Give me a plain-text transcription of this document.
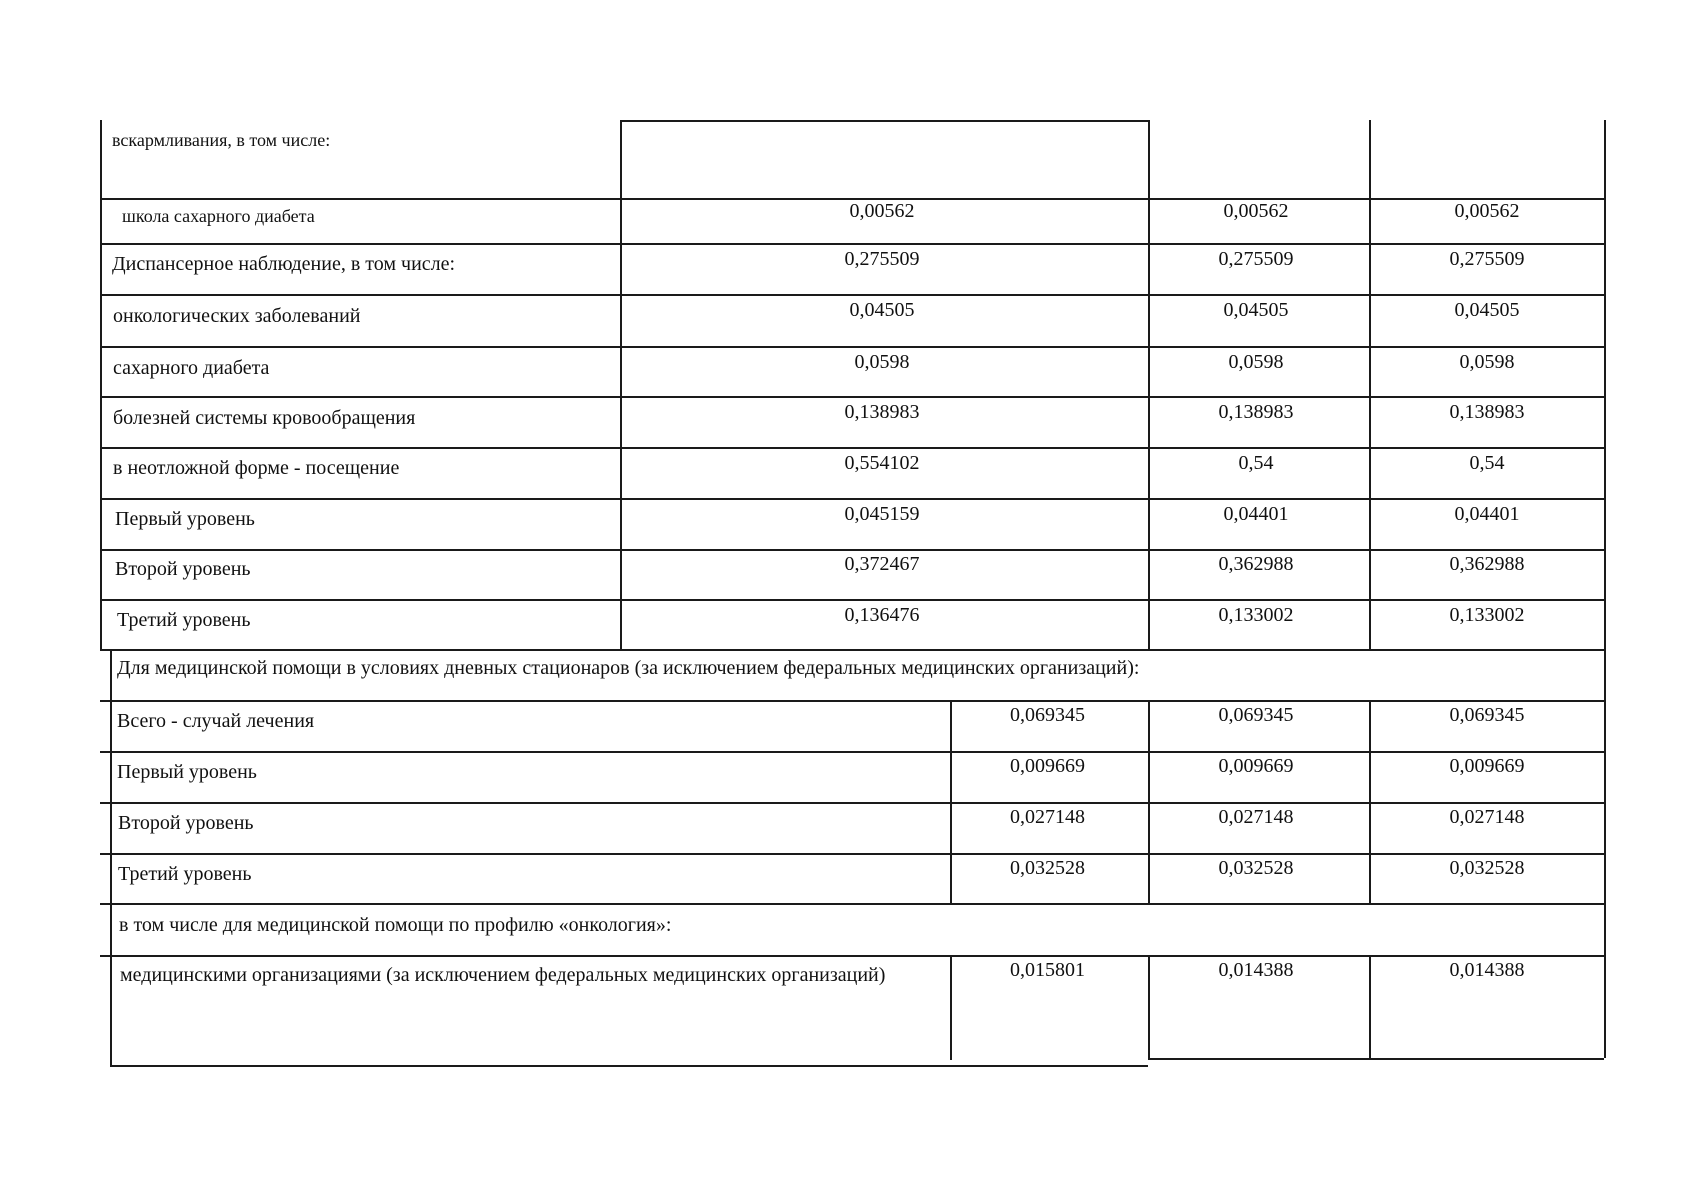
вскармливания, в том числе:
школа сахарного диабета	0,00562	0,00562	0,00562
Диспансерное наблюдение, в том числе:	0,275509	0,275509	0,275509
онкологических заболеваний	0,04505	0,04505	0,04505
сахарного диабета	0,0598	0,0598	0,0598
болезней системы кровообращения	0,138983	0,138983	0,138983
в неотложной форме - посещение	0,554102	0,54	0,54
Первый уровень	0,045159	0,04401	0,04401
Второй уровень	0,372467	0,362988	0,362988
Третий уровень	0,136476	0,133002	0,133002
Для медицинской помощи в условиях дневных стационаров (за исключением федеральных медицинских организаций):
Всего - случай лечения	0,069345	0,069345	0,069345
Первый уровень	0,009669	0,009669	0,009669
Второй уровень	0,027148	0,027148	0,027148
Третий уровень	0,032528	0,032528	0,032528
в том числе для медицинской помощи по профилю «онкология»:
медицинскими организациями (за исключением федеральных медицинских организаций)	0,015801	0,014388	0,014388
